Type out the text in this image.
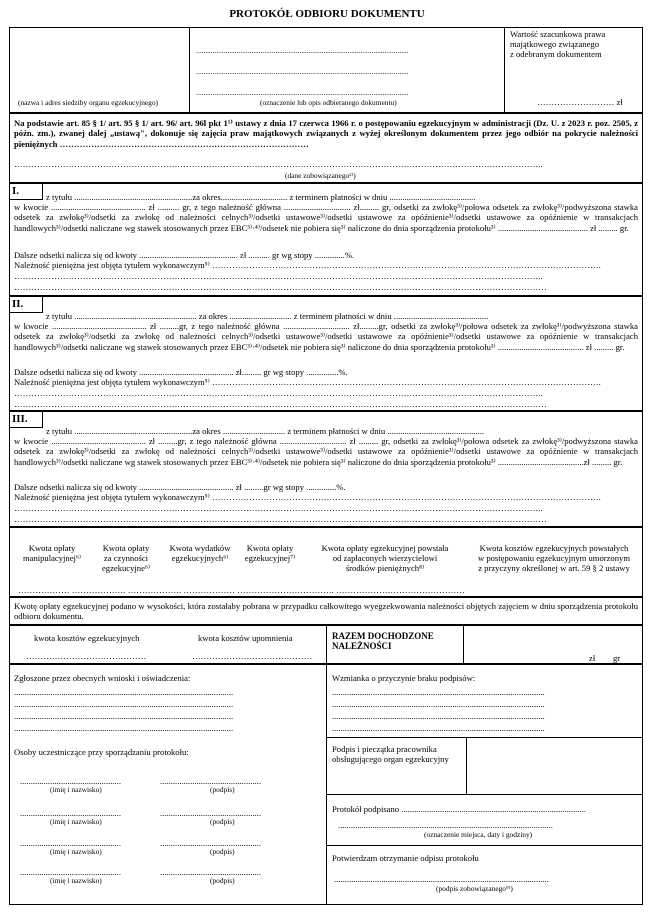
PROTOKÓŁ ODBIORU DOKUMENTU
(nazwa i adres siedziby organu egzekucyjnego)
...................................................................................................................
...................................................................................................................
...................................................................................................................
(oznaczenie lub opis odbieranego dokumentu)
Wartość szacunkowa prawa
majątkowego związanego
z odebranym dokumentem
……………………… zł
Na podstawie art. 85 § 1/ art. 95 § 1/ art. 96/ art. 96l pkt 1¹⁾ ustawy z dnia 17 czerwca 1966 r. o postępowaniu egzekucyjnym w administracji (Dz. U. z 2023 r. poz. 2505, z późn. zm.), zwanej dalej „ustawą", dokonuje się zajęcia praw majątkowych związanych z wyżej określonym dokumentem przez jego odbiór na pokrycie należności pieniężnych ……………………………………………………………………………
…………………………………………………………………………………………………………………………………………………………………..
(dane zobowiązanego²⁾)
I.	z tytułu .......................................................za okres............................... z terminem płatności w dniu ........................................
w kwocie ............................................ zł .......... gr, z tego należność główna ............................... zł......... gr, odsetki za zwłokę³⁾/połowa odsetek za zwłokę³⁾/podwyższona stawka odsetek za zwłokę³⁾/odsetki za zwłokę od należności celnych³⁾/odsetki ustawowe³⁾/odsetki ustawowe za opóźnienie³⁾/odsetki ustawowe za opóźnienie w transakcjach handlowych³⁾/odsetki naliczane wg stawek stosowanych przez EBC³⁾·⁴⁾/odsetek nie pobiera się³⁾ naliczone do dnia sporządzenia protokołu³⁾ .......................................... zł ......... gr.
Dalsze odsetki nalicza się od kwoty .............................................. zł .......... gr wg stopy ..............%.
Należność pieniężna jest objęta tytułem wykonawczym⁵⁾ ……………………………………………………………………………………………………………………….
…………………………………………………………………………………………………………………………………………………………………..
……………………………………………………………………………………………………………………………………………………………………
II.
z tytułu ......................................................... za okres ............................. z terminem płatności w dniu ............................................
w kwocie ............................................ zł .........gr, z tego należność główna ............................... zł.........gr, odsetki za zwłokę³⁾/połowa odsetek za zwłokę³⁾/podwyższona stawka odsetek za zwłokę³⁾/odsetki za zwłokę od należności celnych³⁾/odsetki ustawowe³⁾/odsetki ustawowe za opóźnienie³⁾/odsetki ustawowe za opóźnienie w transakcjach handlowych³⁾/odsetki naliczane wg stawek stosowanych przez EBC³⁾·⁴⁾/odsetek nie pobiera się³⁾ naliczone do dnia sporządzenia protokołu³⁾ ........................................ zł ......... gr.
Dalsze odsetki nalicza się od kwoty ............................................ zł......... gr wg stopy ...............%.
Należność pieniężna jest objęta tytułem wykonawczym⁵⁾ ……………………………………………………………………………………………………………………….
…………………………………………………………………………………………………………………………………………………………………..
……………………………………………………………………………………………………………………………………………………………………
III.
z tytułu .......................................................za okres ............................. z terminem płatności w dniu .............................................
w kwocie ............................................ zł .........gr, z tego należność główna ............................... zł ......... gr, odsetki za zwłokę³⁾/połowa odsetek za zwłokę³⁾/podwyższona stawka odsetek za zwłokę³⁾/odsetki za zwłokę od należności celnych³⁾/odsetki ustawowe³⁾/odsetki ustawowe za opóźnienie³⁾/odsetki ustawowe za opóźnienie w transakcjach handlowych³⁾/odsetki naliczane wg stawek stosowanych przez EBC³⁾·⁴⁾/odsetek nie pobiera się³⁾ naliczone do dnia sporządzenia protokołu³⁾ ........................................zł ......... gr.
Dalsze odsetki nalicza się od kwoty ............................................ zł .........gr wg stopy ..............%.
Należność pieniężna jest objęta tytułem wykonawczym⁵⁾ ……………………………………………………………………………………………………………………….
…………………………………………………………………………………………………………………………………………………………………..
……………………………………………………………………………………………………………………………………………………………………
Kwota opłaty
manipulacyjnej⁶⁾
Kwota opłaty
za czynności
egzekucyjne⁶⁾
Kwota wydatków
egzekucyjnych⁶⁾
Kwota opłaty
egzekucyjnej⁷⁾
Kwota opłaty egzekucyjnej powstała
od zapłaconych wierzycielowi
środków pieniężnych⁸⁾
Kwota kosztów egzekucyjnych powstałych
w postępowaniu egzekucyjnym umorzonym
z przyczyny określonej w art. 59 § 2 ustawy
……………… ………………. ………………. ……………… ……………………………. ………………………………………
Kwotę opłaty egzekucyjnej podano w wysokości, która zostałaby pobrana w przypadku całkowitego wyegzekwowania należności objętych zajęciem w dniu sporządzenia protokołu odbioru dokumentu.
kwota kosztów egzekucyjnych	kwota kosztów upomnienia
……………………………………	……………………………………
RAZEM DOCHODZONE
NALEŻNOŚCI
zł gr
Zgłoszone przez obecnych wnioski i oświadczenia:
......................................................................................................
......................................................................................................
......................................................................................................
......................................................................................................
Osoby uczestniczące przy sporządzaniu protokołu:
...............................................	...............................................
(imię i nazwisko)	(podpis)
...............................................	...............................................
(imię i nazwisko)	(podpis)
...............................................	...............................................
(imię i nazwisko)	(podpis)
...............................................	...............................................
(imię i nazwisko)	(podpis)
Wzmianka o przyczynie braku podpisów:
...................................................................................................
...................................................................................................
...................................................................................................
...................................................................................................
Podpis i pieczątka pracownika
obsługującego organ egzekucyjny
Protokół podpisano ......................................................................................
....................................................................................................
(oznaczenie miejsca, daty i godziny)
Potwierdzam otrzymanie odpisu protokołu
....................................................................................................
(podpis zobowiązanego⁹⁾)
